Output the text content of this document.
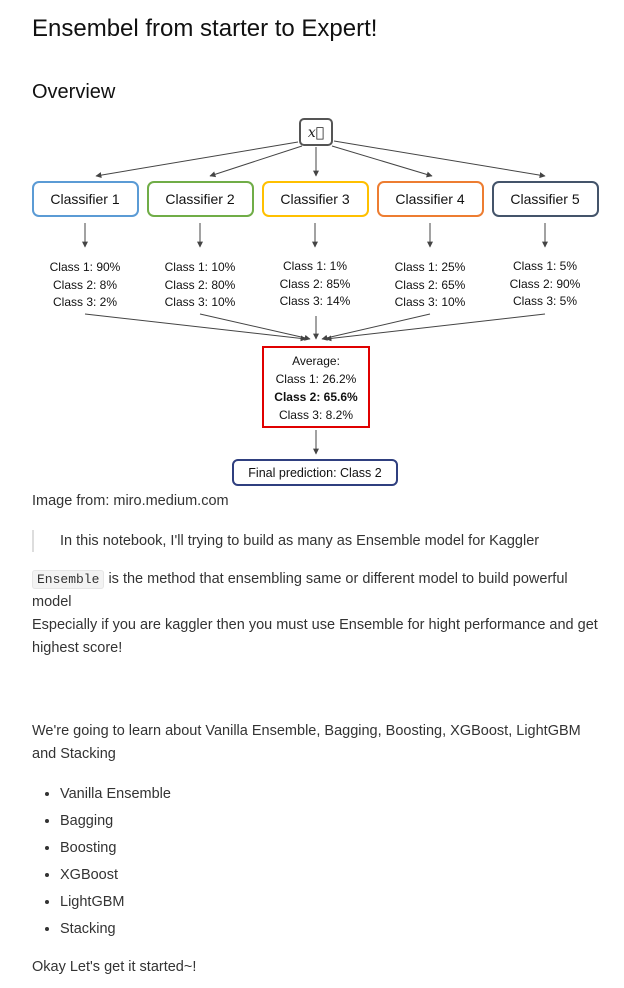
Ensembel from starter to Expert!
Overview
x⃗
Classifier 1
Class 1: 90%
Class 2: 8%
Class 3: 2%
Classifier 2
Class 1: 10%
Class 2: 80%
Class 3: 10%
Classifier 3
Class 1: 1%
Class 2: 85%
Class 3: 14%
Classifier 4
Class 1: 25%
Class 2: 65%
Class 3: 10%
Classifier 5
Class 1: 5%
Class 2: 90%
Class 3: 5%
Average:
Class 1: 26.2%
Class 2: 65.6%
Class 3: 8.2%
Final prediction: Class 2
Image from: miro.medium.com
In this notebook, I'll trying to build as many as Ensemble model for Kaggler
Ensemble is the method that ensembling same or different model to build powerful model
Especially if you are kaggler then you must use Ensemble for hight performance and get highest score!
We're going to learn about Vanilla Ensemble, Bagging, Boosting, XGBoost, LightGBM and Stacking
• Vanilla Ensemble
• Bagging
• Boosting
• XGBoost
• LightGBM
• Stacking
Okay Let's get it started~!
